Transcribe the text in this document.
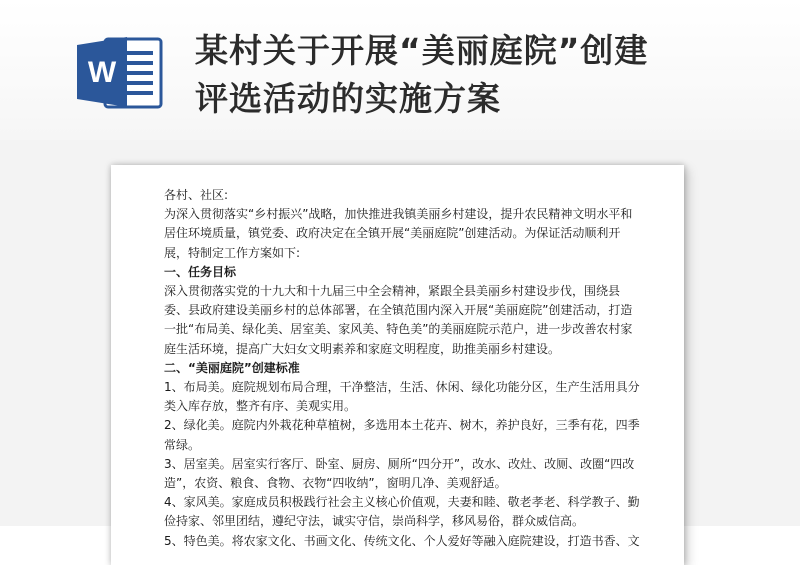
W
某村关于开展“美丽庭院”创建
评选活动的实施方案

各村、社区:

为深入贯彻落实“乡村振兴”战略，加快推进我镇美丽乡村建设，提升农民精神文明水平和居住环境质量，镇党委、政府决定在全镇开展“美丽庭院”创建活动。为保证活动顺利开展，特制定工作方案如下:

一、任务目标

深入贯彻落实党的十九大和十九届三中全会精神，紧跟全县美丽乡村建设步伐，围绕县委、县政府建设美丽乡村的总体部署，在全镇范围内深入开展“美丽庭院”创建活动，打造一批“布局美、绿化美、居室美、家风美、特色美”的美丽庭院示范户，进一步改善农村家庭生活环境，提高广大妇女文明素养和家庭文明程度，助推美丽乡村建设。

二、“美丽庭院”创建标准

1、布局美。庭院规划布局合理，干净整洁，生活、休闲、绿化功能分区，生产生活用具分类入库存放，整齐有序、美观实用。

2、绿化美。庭院内外栽花种草植树，多选用本土花卉、树木，养护良好，三季有花，四季常绿。

3、居室美。居室实行客厅、卧室、厨房、厕所“四分开”，改水、改灶、改厕、改圈“四改造”，农资、粮食、食物、衣物“四收纳”，窗明几净、美观舒适。

4、家风美。家庭成员积极践行社会主义核心价值观，夫妻和睦、敬老孝老、科学教子、勤俭持家、邻里团结，遵纪守法，诚实守信，崇尚科学，移风易俗，群众威信高。

5、特色美。将农家文化、书画文化、传统文化、个人爱好等融入庭院建设，打造书香、文
